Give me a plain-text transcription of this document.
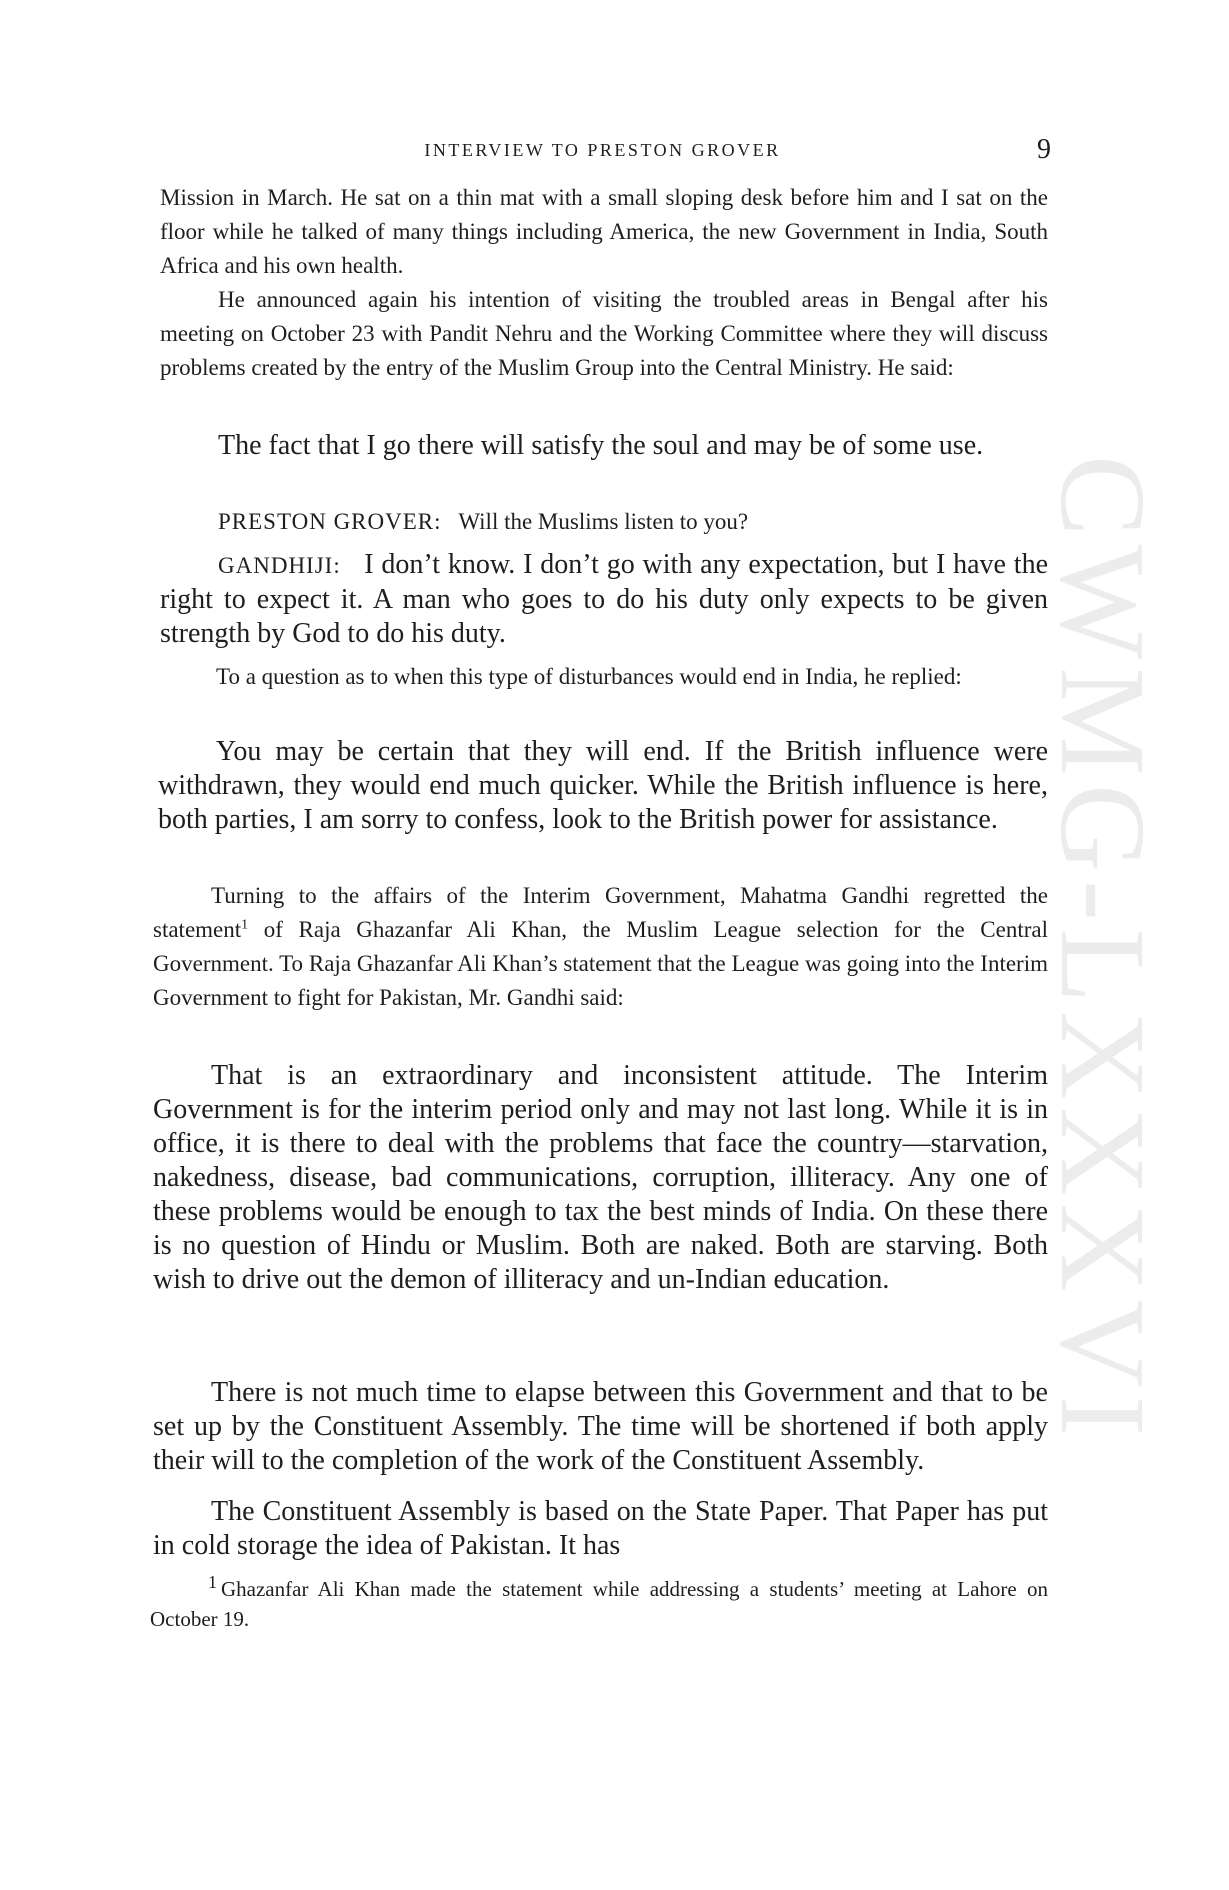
CWMG-LXXXVI
INTERVIEW TO PRESTON GROVER	9

Mission in March. He sat on a thin mat with a small sloping desk before him and I sat on the floor while he talked of many things including America, the new Government in India, South Africa and his own health.

He announced again his intention of visiting the troubled areas in Bengal after his meeting on October 23 with Pandit Nehru and the Working Committee where they will discuss problems created by the entry of the Muslim Group into the Central Ministry. He said:

The fact that I go there will satisfy the soul and may be of some use.

PRESTON GROVER: Will the Muslims listen to you?

GANDHIJI: I don’t know. I don’t go with any expectation, but I have the right to expect it. A man who goes to do his duty only expects to be given strength by God to do his duty.

To a question as to when this type of disturbances would end in India, he replied:

You may be certain that they will end. If the British influence were withdrawn, they would end much quicker. While the British influence is here, both parties, I am sorry to confess, look to the British power for assistance.

Turning to the affairs of the Interim Government, Mahatma Gandhi regretted the statement$^1$ of Raja Ghazanfar Ali Khan, the Muslim League selection for the Central Government. To Raja Ghazanfar Ali Khan’s statement that the League was going into the Interim Government to fight for Pakistan, Mr. Gandhi said:

That is an extraordinary and inconsistent attitude. The Interim Government is for the interim period only and may not last long. While it is in office, it is there to deal with the problems that face the country—starvation, nakedness, disease, bad communications, corruption, illiteracy. Any one of these problems would be enough to tax the best minds of India. On these there is no question of Hindu or Muslim. Both are naked. Both are starving. Both wish to drive out the demon of illiteracy and un-Indian education.

There is not much time to elapse between this Government and that to be set up by the Constituent Assembly. The time will be shortened if both apply their will to the completion of the work of the Constituent Assembly.

The Constituent Assembly is based on the State Paper. That Paper has put in cold storage the idea of Pakistan. It has

1 Ghazanfar Ali Khan made the statement while addressing a students’ meeting at Lahore on October 19.
